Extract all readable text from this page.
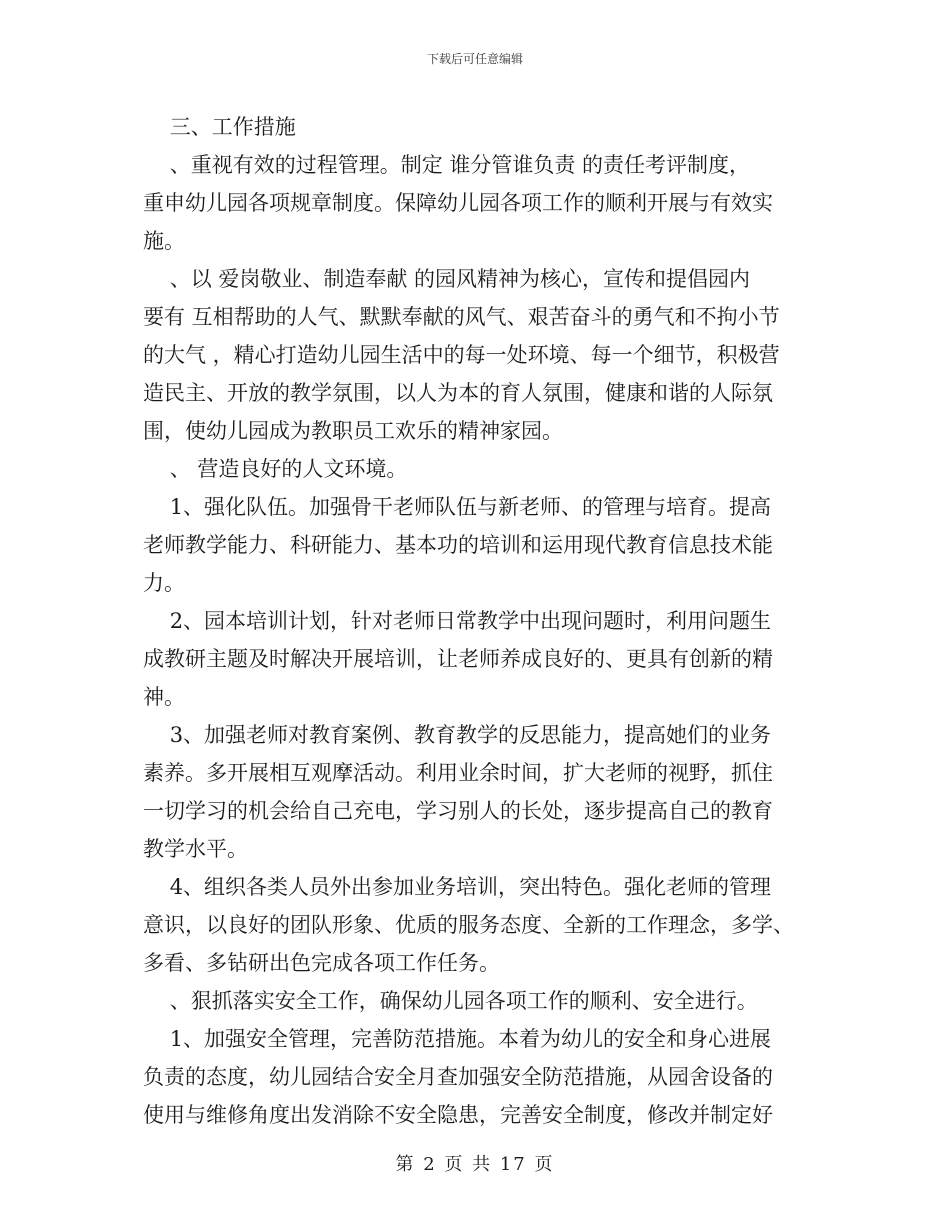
下载后可任意编辑
三、工作措施
、重视有效的过程管理。制定 谁分管谁负责 的责任考评制度，
重申幼儿园各项规章制度。保障幼儿园各项工作的顺利开展与有效实
施。
、以 爱岗敬业、制造奉献 的园风精神为核心，宣传和提倡园内
要有 互相帮助的人气、默默奉献的风气、艰苦奋斗的勇气和不拘小节
的大气 ，精心打造幼儿园生活中的每一处环境、每一个细节，积极营
造民主、开放的教学氛围，以人为本的育人氛围，健康和谐的人际氛
围，使幼儿园成为教职员工欢乐的精神家园。
、 营造良好的人文环境。
1、强化队伍。加强骨干老师队伍与新老师、的管理与培育。提高
老师教学能力、科研能力、基本功的培训和运用现代教育信息技术能
力。
2、园本培训计划，针对老师日常教学中出现问题时，利用问题生
成教研主题及时解决开展培训，让老师养成良好的、更具有创新的精
神。
3、加强老师对教育案例、教育教学的反思能力，提高她们的业务
素养。多开展相互观摩活动。利用业余时间，扩大老师的视野，抓住
一切学习的机会给自己充电，学习别人的长处，逐步提高自己的教育
教学水平。
4、组织各类人员外出参加业务培训，突出特色。强化老师的管理
意识，以良好的团队形象、优质的服务态度、全新的工作理念，多学、
多看、多钻研出色完成各项工作任务。
、狠抓落实安全工作，确保幼儿园各项工作的顺利、安全进行。
1、加强安全管理，完善防范措施。本着为幼儿的安全和身心进展
负责的态度，幼儿园结合安全月查加强安全防范措施，从园舍设备的
使用与维修角度出发消除不安全隐患，完善安全制度，修改并制定好
第 2 页 共 17 页
